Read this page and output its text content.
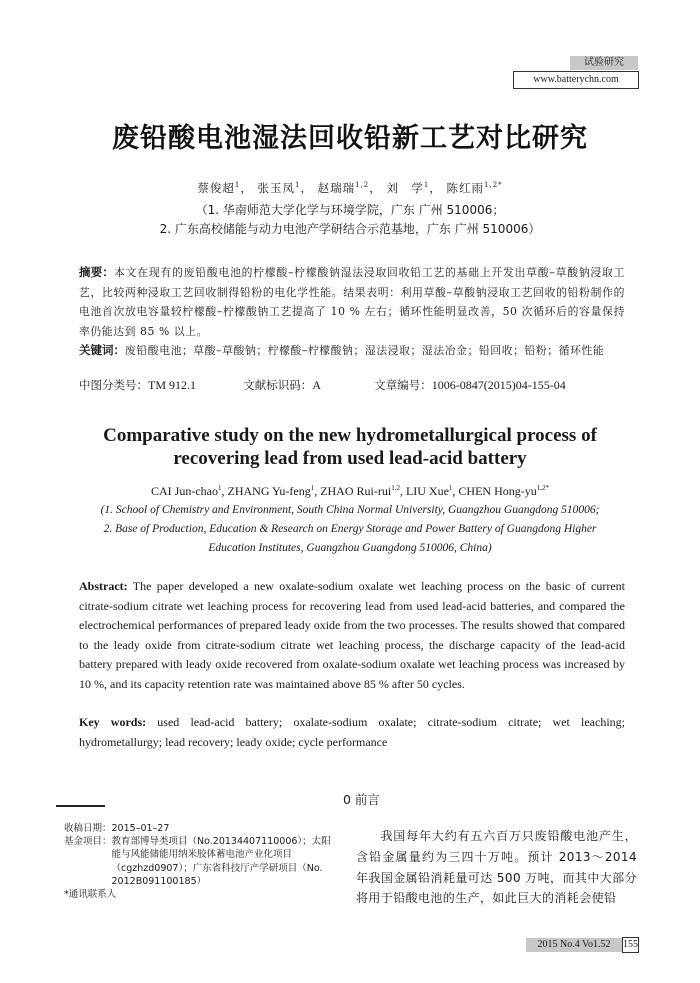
试验研究
www.batterychn.com
废铅酸电池湿法回收铅新工艺对比研究
蔡俊超$^1$， 张玉凤$^1$， 赵瑞瑞$^{1,2}$， 刘　学$^1$， 陈红雨$^{1,2*}$
（1. 华南师范大学化学与环境学院，广东 广州 510006；
2. 广东高校储能与动力电池产学研结合示范基地，广东 广州 510006）
摘要：本文在现有的废铅酸电池的柠檬酸–柠檬酸钠湿法浸取回收铅工艺的基础上开发出草酸–草酸钠浸取工艺，比较两种浸取工艺回收制得铅粉的电化学性能。结果表明：利用草酸–草酸钠浸取工艺回收的铅粉制作的电池首次放电容量较柠檬酸–柠檬酸钠工艺提高了 10 % 左右；循环性能明显改善，50 次循环后的容量保持率仍能达到 85 % 以上。
关键词：废铅酸电池；草酸–草酸钠；柠檬酸–柠檬酸钠；湿法浸取；湿法冶金；铅回收；铅粉；循环性能
中图分类号：TM 912.1	文献标识码：A	文章编号：1006-0847(2015)04-155-04
Comparative study on the new hydrometallurgical process of
recovering lead from used lead-acid battery
CAI Jun-chao$^1$, ZHANG Yu-feng$^1$, ZHAO Rui-rui$^{1,2}$, LIU Xue$^1$, CHEN Hong-$yu^{1,2*}$
(1. School of Chemistry and Environment, South China Normal University, Guangzhou Guangdong 510006;
2. Base of Production, Education & Research on Energy Storage and Power Battery of Guangdong Higher
Education Institutes, Guangzhou Guangdong 510006, China)
Abstract: The paper developed a new oxalate-sodium oxalate wet leaching process on the basic of current citrate-sodium citrate wet leaching process for recovering lead from used lead-acid batteries, and compared the electrochemical performances of prepared leady oxide from the two processes. The results showed that compared to the leady oxide from citrate-sodium citrate wet leaching process, the discharge capacity of the lead-acid battery prepared with leady oxide recovered from oxalate-sodium oxalate wet leaching process was increased by 10 %, and its capacity retention rate was maintained above 85 % after 50 cycles.
Key words: used lead-acid battery; oxalate-sodium oxalate; citrate-sodium citrate; wet leaching; hydrometallurgy; lead recovery; leady oxide; cycle performance
收稿日期： 2015–01–27
基金项目： 教育部博导类项目（No.20134407110006）；太阳能与风能储能用纳米胶体蓄电池产业化项目（cgzhzd0907）；广东省科技厅产学研项目（No. 2012B091100185）
*通讯联系人
0 前言
我国每年大约有五六百万只废铅酸电池产生，含铅金属量约为三四十万吨。预计 2013～2014 年我国金属铅消耗量可达 500 万吨，而其中大部分将用于铅酸电池的生产，如此巨大的消耗会使铅
2015 No.4 Vo1.52	155
